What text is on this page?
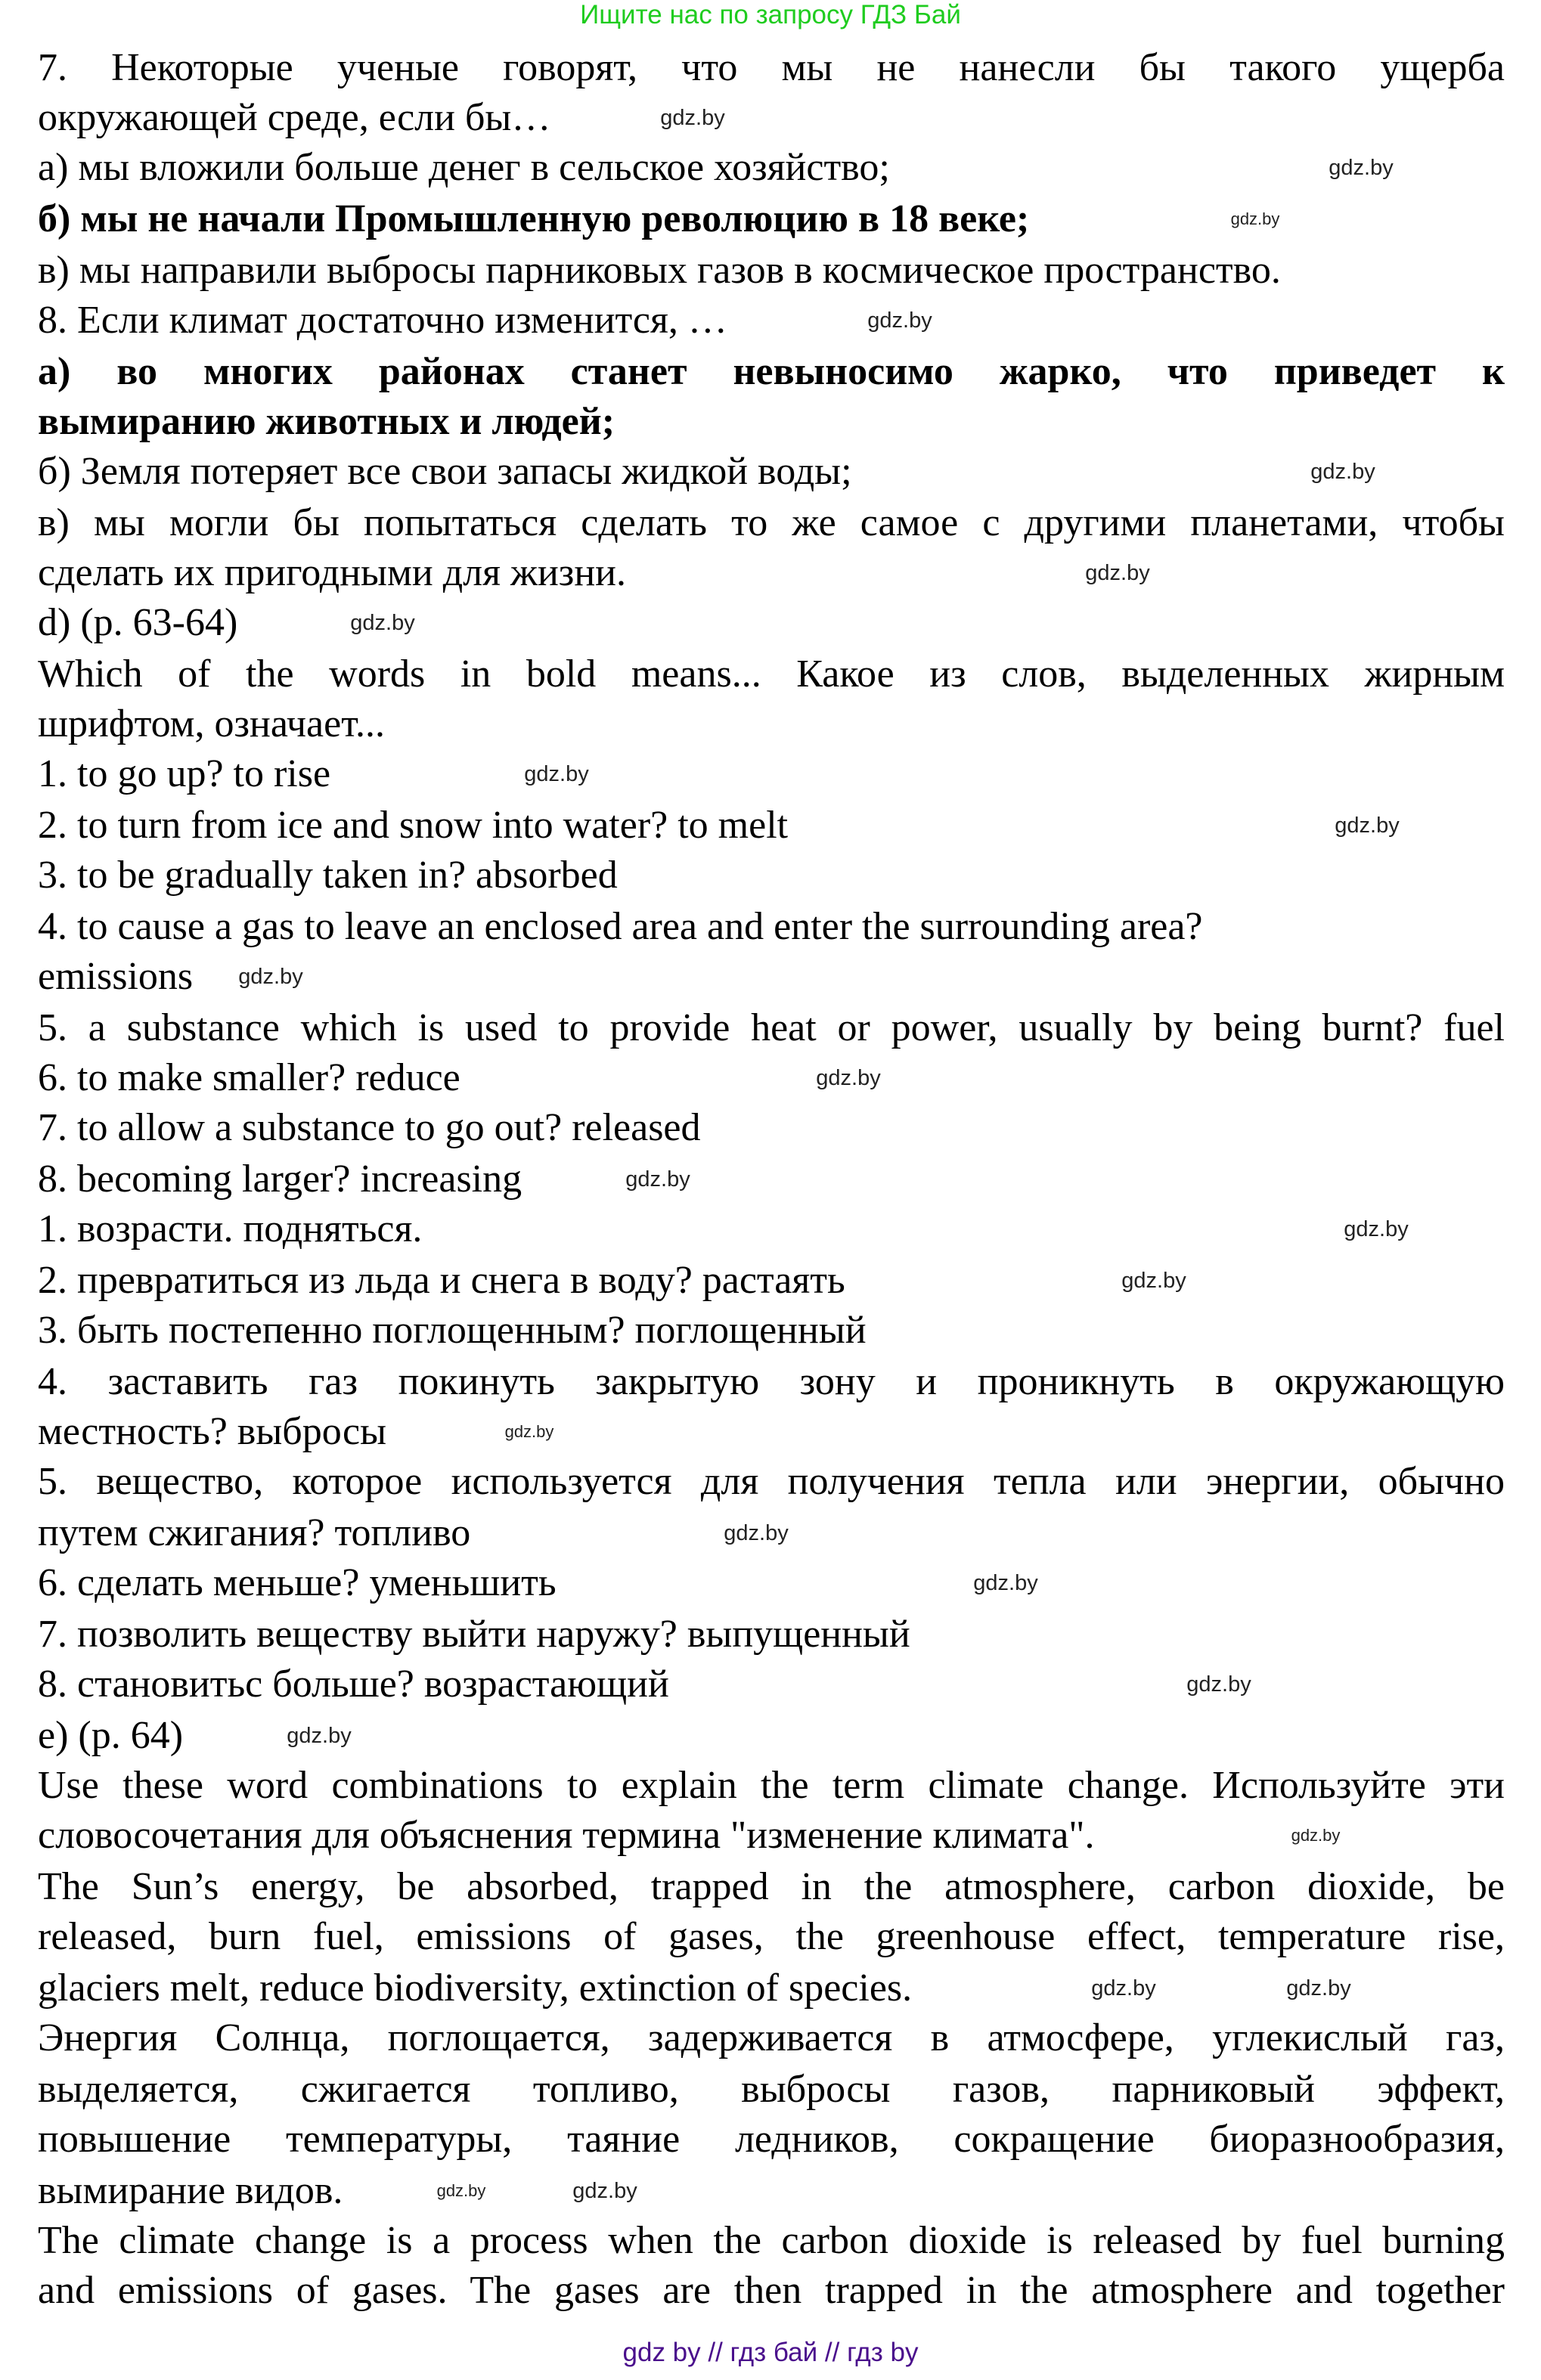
Ищите нас по запросу ГДЗ Бай
7. Некоторые ученые говорят, что мы не нанесли бы такого ущерба
окружающей среде, если бы…
а) мы вложили больше денег в сельское хозяйство;
б) мы не начали Промышленную революцию в 18 веке;
в) мы направили выбросы парниковых газов в космическое пространство.
8. Если климат достаточно изменится, …
а) во многих районах станет невыносимо жарко, что приведет к
вымиранию животных и людей;
б) Земля потеряет все свои запасы жидкой воды;
в) мы могли бы попытаться сделать то же самое с другими планетами, чтобы
сделать их пригодными для жизни.
d) (p. 63-64)
Which of the words in bold means... Какое из слов, выделенных жирным
шрифтом, означает...
1. to go up? to rise
2. to turn from ice and snow into water? to melt
3. to be gradually taken in? absorbed
4. to cause a gas to leave an enclosed area and enter the surrounding area?
emissions
5. a substance which is used to provide heat or power, usually by being burnt? fuel
6. to make smaller? reduce
7. to allow a substance to go out? released
8. becoming larger? increasing
1. возрасти. подняться.
2. превратиться из льда и снега в воду? растаять
3. быть постепенно поглощенным? поглощенный
4. заставить газ покинуть закрытую зону и проникнуть в окружающую
местность? выбросы
5. вещество, которое используется для получения тепла или энергии, обычно
путем сжигания? топливо
6. сделать меньше? уменьшить
7. позволить веществу выйти наружу? выпущенный
8. становитьс больше? возрастающий
e) (p. 64)
Use these word combinations to explain the term climate change. Используйте эти
словосочетания для объяснения термина "изменение климата".
The Sun’s energy, be absorbed, trapped in the atmosphere, carbon dioxide, be
released, burn fuel, emissions of gases, the greenhouse effect, temperature rise,
glaciers melt, reduce biodiversity, extinction of species.
Энергия Солнца, поглощается, задерживается в атмосфере, углекислый газ,
выделяется, сжигается топливо, выбросы газов, парниковый эффект,
повышение температуры, таяние ледников, сокращение биоразнообразия,
вымирание видов.
The climate change is a process when the carbon dioxide is released by fuel burning
and emissions of gases. The gases are then trapped in the atmosphere and together
gdz.by
gdz.by
gdz.by
gdz.by
gdz.by
gdz.by
gdz.by
gdz.by
gdz.by
gdz.by
gdz.by
gdz.by
gdz.by
gdz.by
gdz.by
gdz.by
gdz.by
gdz.by
gdz.by
gdz.by
gdz.by	gdz.by
gdz.by	gdz.by
gdz by // гдз бай // гдз by
